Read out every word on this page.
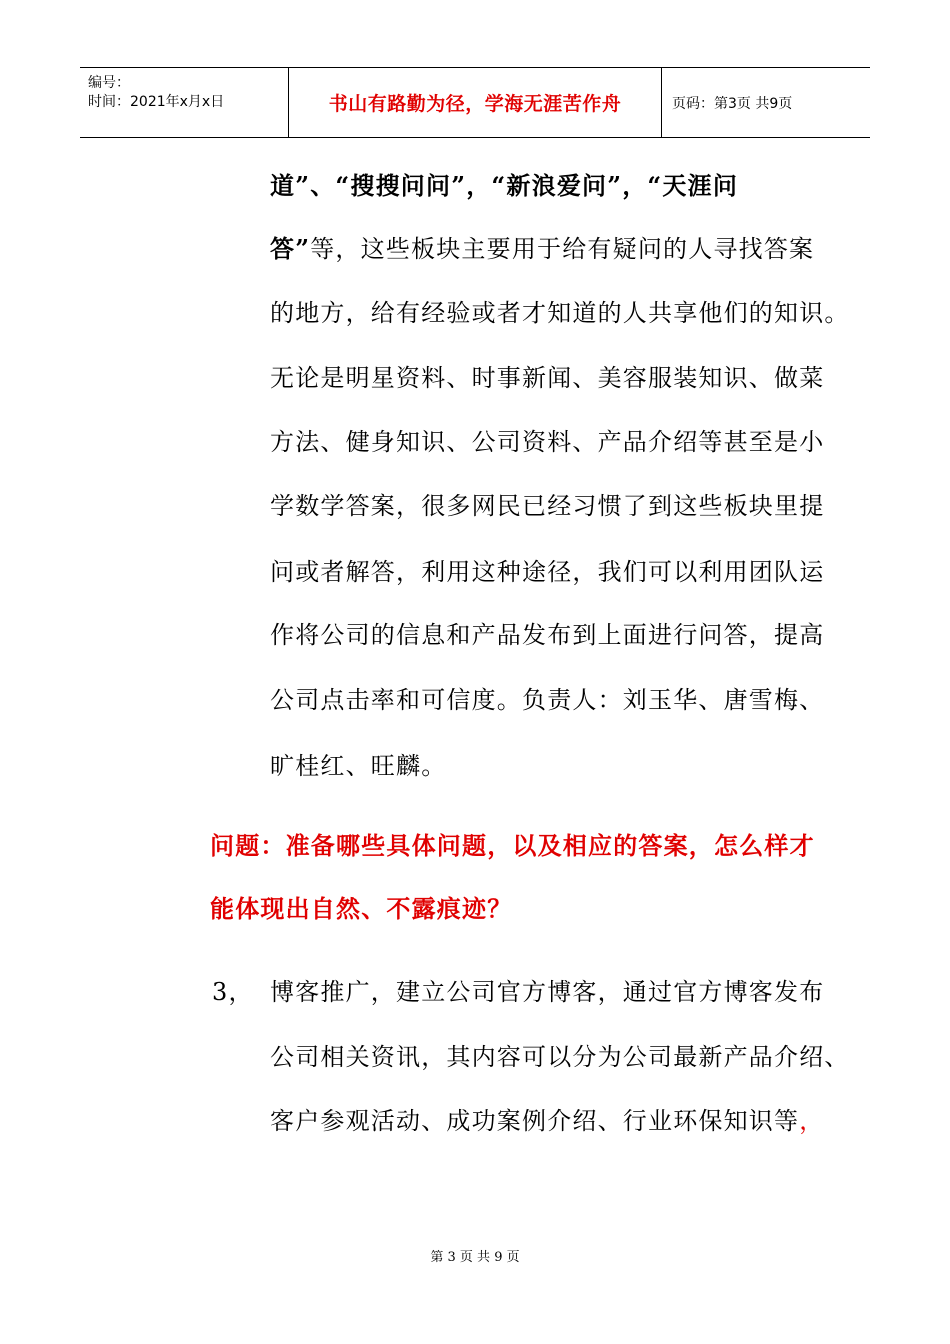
编号：
时间：2021年x月x日	书山有路勤为径，学海无涯苦作舟	页码：第3页 共9页
道”、“搜搜问问”，“新浪爱问”，“天涯问
答”等，这些板块主要用于给有疑问的人寻找答案
的地方，给有经验或者才知道的人共享他们的知识。
无论是明星资料、时事新闻、美容服装知识、做菜
方法、健身知识、公司资料、产品介绍等甚至是小
学数学答案，很多网民已经习惯了到这些板块里提
问或者解答，利用这种途径，我们可以利用团队运
作将公司的信息和产品发布到上面进行问答，提高
公司点击率和可信度。负责人：刘玉华、唐雪梅、
旷桂红、旺麟。
问题：准备哪些具体问题，以及相应的答案，怎么样才
能体现出自然、不露痕迹？
3， 博客推广，建立公司官方博客，通过官方博客发布
公司相关资讯，其内容可以分为公司最新产品介绍、
客户参观活动、成功案例介绍、行业环保知识等，
第 3 页 共 9 页
